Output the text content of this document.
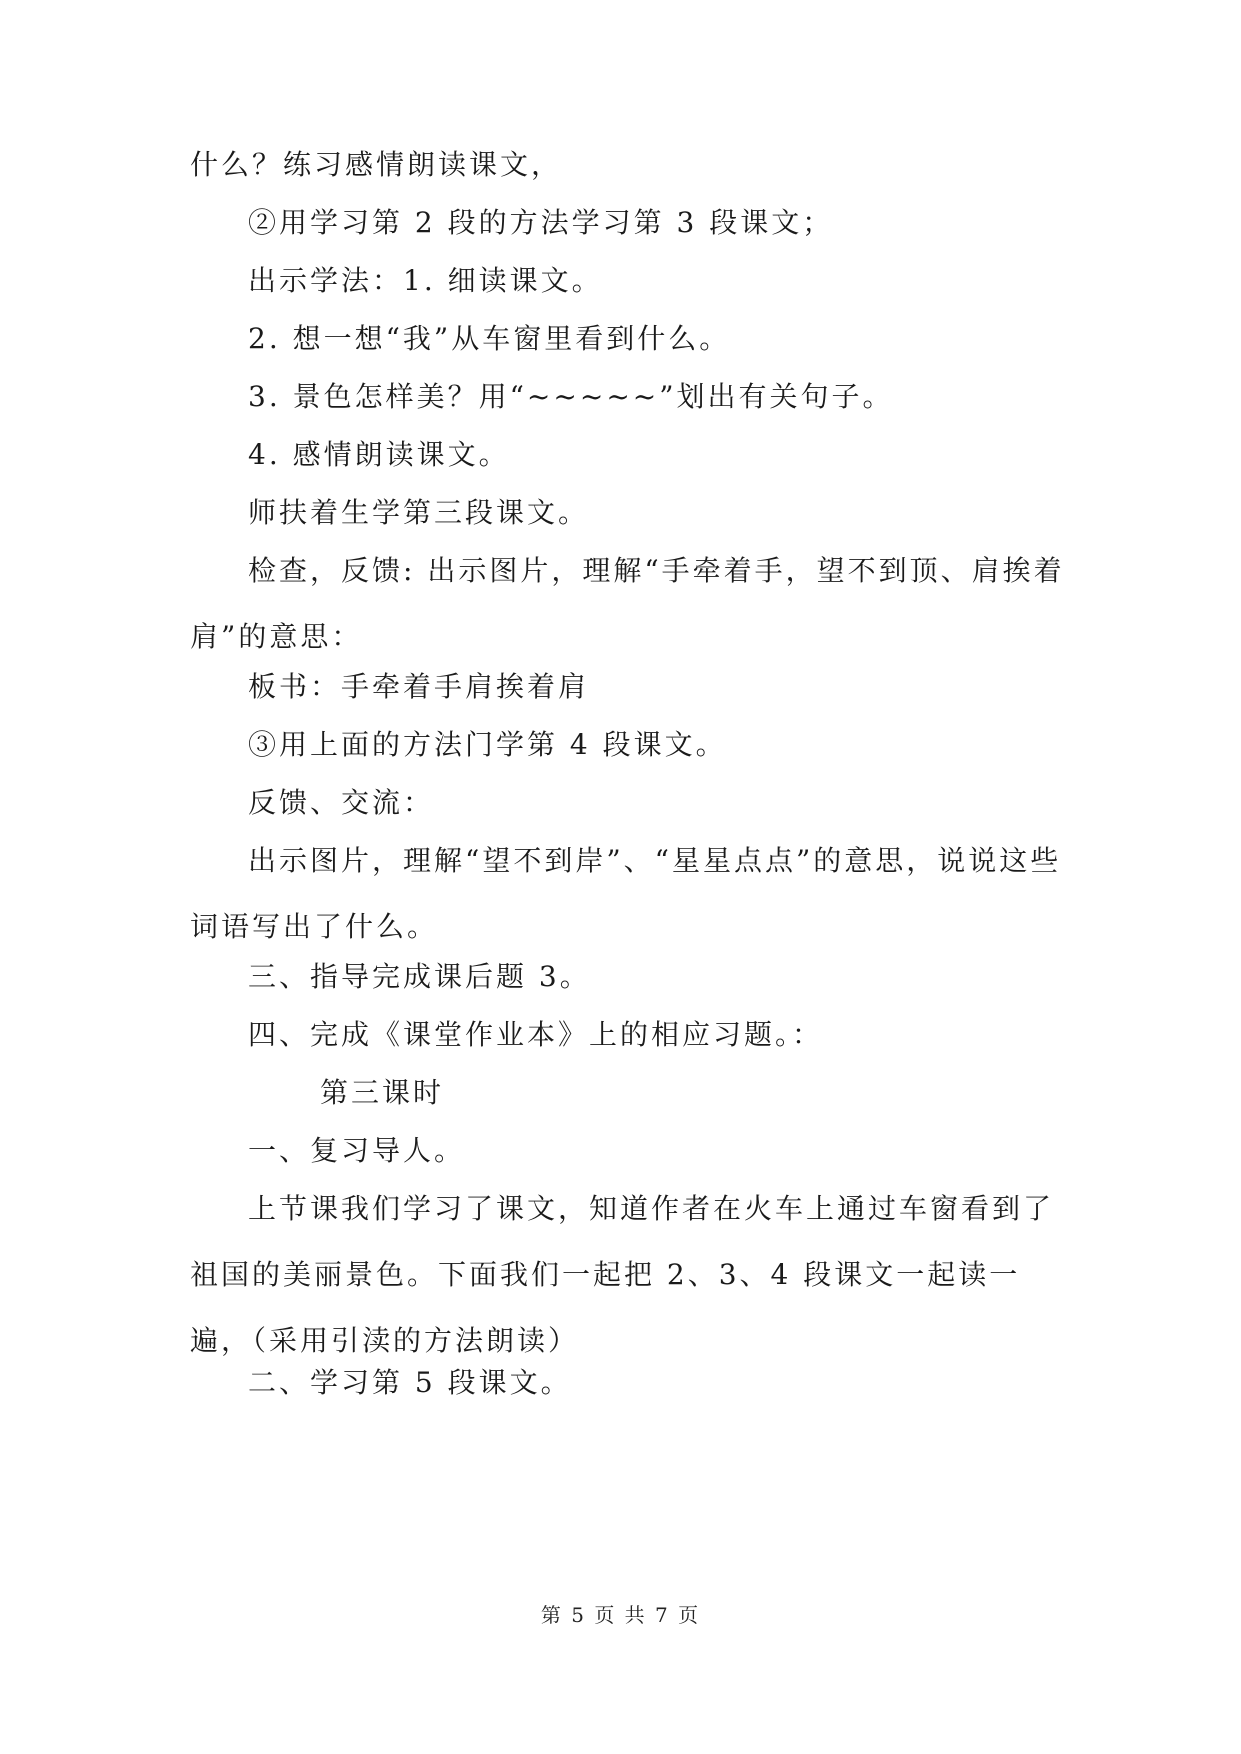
什么？练习感情朗读课文，
②用学习第 2 段的方法学习第 3 段课文；
出示学法：1. 细读课文。
2. 想一想“我”从车窗里看到什么。
3. 景色怎样美？用“~~~~~”划出有关句子。
4. 感情朗读课文。
师扶着生学第三段课文。
检查，反馈: 出示图片，理解“手牵着手，望不到顶、肩挨着肩”的意思：
板书：手牵着手肩挨着肩
③用上面的方法门学第 4 段课文。
反馈、交流：
出示图片，理解“望不到岸”、“星星点点”的意思，说说这些词语写出了什么。
三、指导完成课后题 3。
四、完成《课堂作业本》上的相应习题。：
第三课时
一、复习导人。
上节课我们学习了课文，知道作者在火车上通过车窗看到了祖国的美丽景色。下面我们一起把 2、3、4 段课文一起读一遍，（采用引渎的方法朗读）
二、学习第 5 段课文。
第 5 页 共 7 页
